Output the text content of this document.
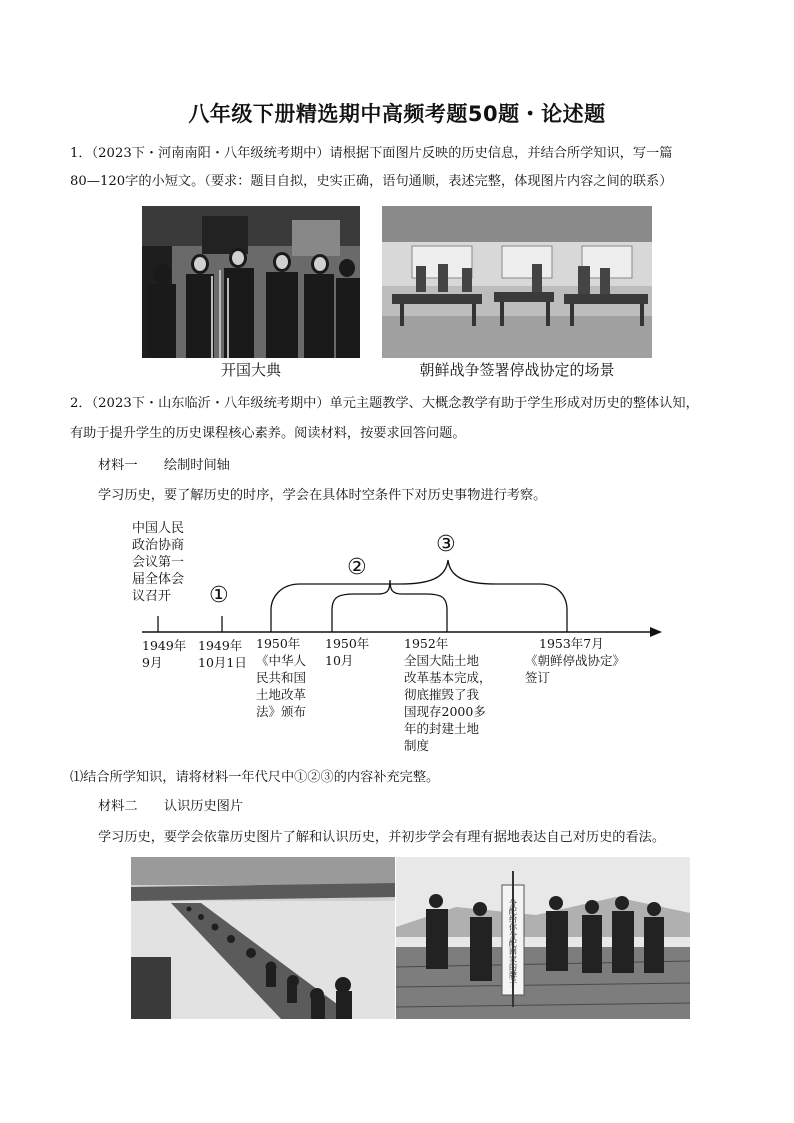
八年级下册精选期中高频考题50题・论述题
1．（2023下・河南南阳・八年级统考期中）请根据下面图片反映的历史信息，并结合所学知识，写一篇
80—120字的小短文。（要求：题目自拟，史实正确，语句通顺，表述完整，体现图片内容之间的联系）
开国大典	朝鲜战争签署停战协定的场景
2．（2023下・山东临沂・八年级统考期中）单元主题教学、大概念教学有助于学生形成对历史的整体认知，
有助于提升学生的历史课程核心素养。阅读材料，按要求回答问题。
材料一　　绘制时间轴
学习历史，要了解历史的时序，学会在具体时空条件下对历史事物进行考察。
中国人民
政治协商
会议第一
届全体会
议召开	①
②
③
1949年
9月
1949年
10月1日
1950年
《中华人
民共和国
土地改革
法》颁布
1950年
10月
1952年
全国大陆土地
改革基本完成，
彻底摧毁了我
国现存2000多
年的封建土地
制度
1953年7月
《朝鲜停战协定》
签订
⑴结合所学知识，请将材料一年代尺中①②③的内容补充完整。
材料二　　认识历史图片
学习历史，要学会依靠历史图片了解和认识历史，并初步学会有理有据地表达自己对历史的看法。
分配给你分配回家的牌子
